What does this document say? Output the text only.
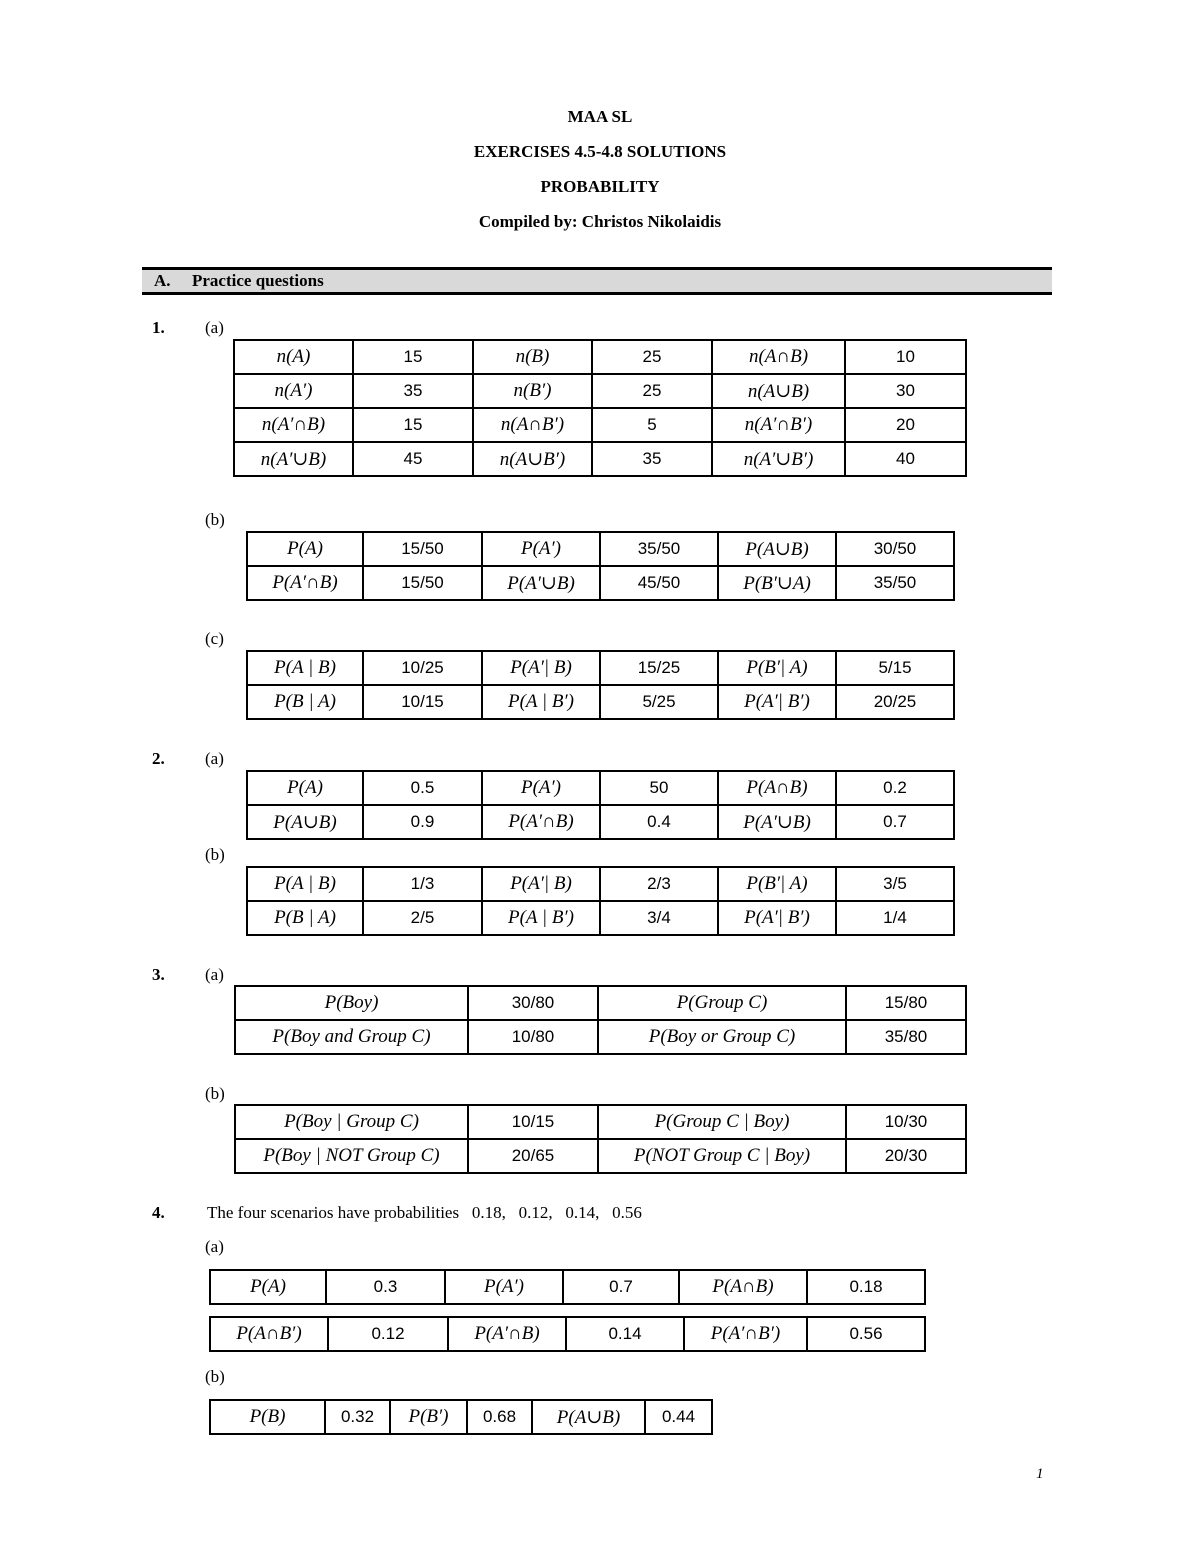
MAA SL
EXERCISES 4.5-4.8 SOLUTIONS
PROBABILITY
Compiled by: Christos Nikolaidis
A. Practice questions
1. (a)
n(A)	15	n(B)	25	n(A∩B)	10
n(A′)	35	n(B′)	25	n(A∪B)	30
n(A′∩B)	15	n(A∩B′)	5	n(A′∩B′)	20
n(A′∪B)	45	n(A∪B′)	35	n(A′∪B′)	40
(b)
P(A)	15/50	P(A′)	35/50	P(A∪B)	30/50
P(A′∩B)	15/50	P(A′∪B)	45/50	P(B′∪A)	35/50
(c)
P(A | B)	10/25	P(A′| B)	15/25	P(B′| A)	5/15
P(B | A)	10/15	P(A | B′)	5/25	P(A′| B′)	20/25
2. (a)
P(A)	0.5	P(A′)	50	P(A∩B)	0.2
P(A∪B)	0.9	P(A′∩B)	0.4	P(A′∪B)	0.7
(b)
P(A | B)	1/3	P(A′| B)	2/3	P(B′| A)	3/5
P(B | A)	2/5	P(A | B′)	3/4	P(A′| B′)	1/4
3. (a)
P(Boy)	30/80	P(Group C)	15/80
P(Boy and Group C)	10/80	P(Boy or Group C)	35/80
(b)
P(Boy | Group C)	10/15	P(Group C | Boy)	10/30
P(Boy | NOT Group C)	20/65	P(NOT Group C | Boy)	20/30
4. The four scenarios have probabilities   0.18,   0.12,   0.14,   0.56
(a)
P(A)	0.3	P(A′)	0.7	P(A∩B)	0.18
P(A∩B′)	0.12	P(A′∩B)	0.14	P(A′∩B′)	0.56
(b)
P(B)	0.32	P(B′)	0.68	P(A∪B)	0.44
1
